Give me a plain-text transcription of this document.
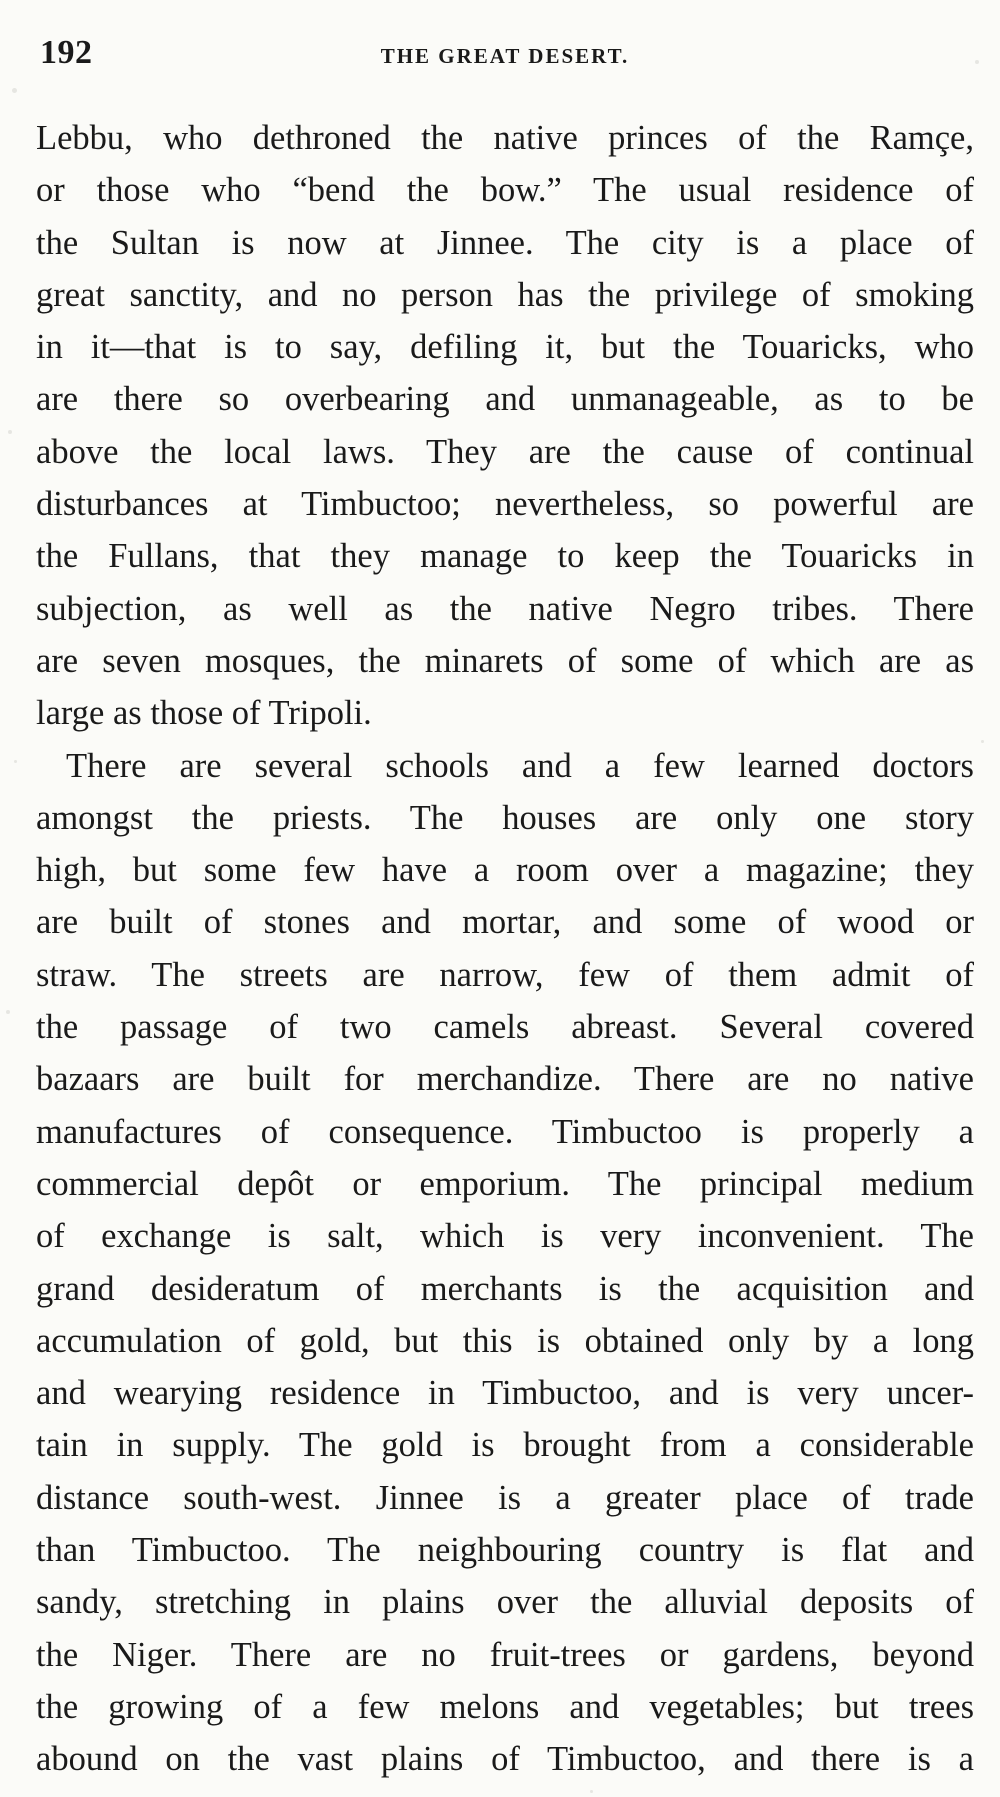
192	THE GREAT DESERT.
Lebbu, who dethroned the native princes of the Ramçe,
or those who “bend the bow.” The usual residence of
the Sultan is now at Jinnee. The city is a place of
great sanctity, and no person has the privilege of smoking
in it—that is to say, defiling it, but the Touaricks, who
are there so overbearing and unmanageable, as to be
above the local laws. They are the cause of continual
disturbances at Timbuctoo; nevertheless, so powerful are
the Fullans, that they manage to keep the Touaricks in
subjection, as well as the native Negro tribes. There
are seven mosques, the minarets of some of which are as
large as those of Tripoli.
There are several schools and a few learned doctors
amongst the priests. The houses are only one story
high, but some few have a room over a magazine; they
are built of stones and mortar, and some of wood or
straw. The streets are narrow, few of them admit of
the passage of two camels abreast. Several covered
bazaars are built for merchandize. There are no native
manufactures of consequence. Timbuctoo is properly a
commercial depôt or emporium. The principal medium
of exchange is salt, which is very inconvenient. The
grand desideratum of merchants is the acquisition and
accumulation of gold, but this is obtained only by a long
and wearying residence in Timbuctoo, and is very uncer-
tain in supply. The gold is brought from a considerable
distance south-west. Jinnee is a greater place of trade
than Timbuctoo. The neighbouring country is flat and
sandy, stretching in plains over the alluvial deposits of
the Niger. There are no fruit-trees or gardens, beyond
the growing of a few melons and vegetables; but trees
abound on the vast plains of Timbuctoo, and there is a
